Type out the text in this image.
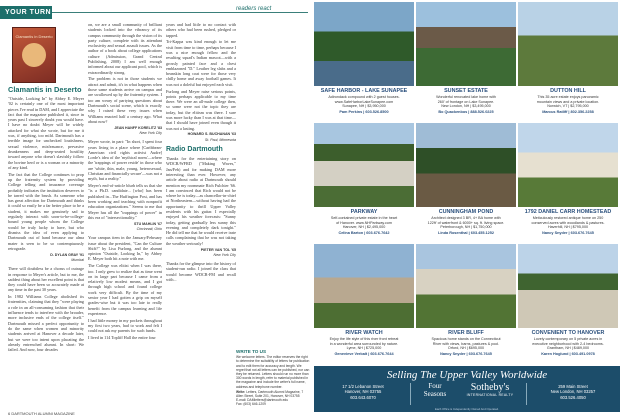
YOUR TURN	readers react
Clamantis in Deserto
Clamantis in Deserto

"Outside, Looking In" by Abbey E. Meyer '02 is certainly one of the most important pieces I've read in DAM, and I appreciate the fact that the magazine published it, since in years past I sincerely doubt you would have. I have no doubt Meyer will be widely attacked for what she wrote, but for me it was, if anything, too mild. Dartmouth has a terrible image for unchecked loutishness, sexual violence, misfeasance, pervasive drunkenness and deep-seated hostility toward anyone who doesn't slavishly follow the bovine herd or is a woman or a minority of any kind.

The fact that the College continues to prop up the fraternity system by providing College telling and insurance coverage probably indicates the institution deserves to be tarred with the brush. As someone who has great affection for Dartmouth and thinks it could so easily be a far better place to be a student, it makes me genuinely sad to regularly interact with soon-to-be-college-bound young people whom the College would be truly lucky to have, but who dismiss the idea of even applying to Dartmouth out of hand because our alma mater is seen to be so contemptuously retrograde.

D. DYLAN GRAY '91
Mumbai

There will doubtless be a chorus of outrage in response to Meyer's article, but to me, the saddest thing about her excellent point is that they could have been so accurately made at any time in the past 30 years.

In 1982 Williams College abolished its fraternities, claiming that they "were playing a role in an all-consuming fashion that their influence tends to interfere with the broader, more inclusive ends of the college itself." Dartmouth missed a perfect opportunity to do the same when women and minority students arrived at Hanover a decade later, but we were too intent upon placating the already entrenched alumni. In short: We failed. And now, four decades

on, we are a small community of brilliant students locked into the vibrancy of its campus community through the vision of its party culture, complete with its attendant exclusivity and sexual assault issues. As the author of a book about college applications culture (Admission, Grand Central Publishing, 2008) I am well enough informed about our applicant pool, which is extraordinarily strong.

The problem is not in those students we attract and admit, it's in what happens when those same students arrive on campus and are swallowed up by the fraternity system. I too am weary of partying questions about Dartmouth's social scene, which is exactly why I raised these very issues when Williams enacted half a century ago. What about now?

JEAN HANFF KORELITZ '83
New York City

Meyer wrote, in part: "In short, I spent four years living in a place where [Caribbean-American civil rights activist Audre] Lorde's idea of the 'mythical norm'—where the 'trappings of power reside' in those who are 'white, thin, male, young, heterosexual, Christian and financially secure'—was not a myth, but a reality."

Meyer's end-of-article blurb tells us that she "is a Ph.D. candidate... [who] has been published in...The Huffington Post, and has been working and teaching with nonprofit education organizations." Seems to me that Meyer has all the "trappings of power" in this era of "intersectionality."

STU MAHLIN '67
Cincinnati, Ohio

Your campus item in the January/February issue about the president, "Can the Culture Shift?" by Lisa Furlong, and the alumni opinion "Outside, Looking In," by Abbey E. Meyer both hit a note with me.

The College was elitist when I was there, too. I only grew to realize that as time went on in large part because I came from a relatively low modest means, and I got through high school and found college work very difficult. By the time of my senior year I had gotten a grip on myself grades-wise but it was too late to really benefit from the campus learning and life experience.

I had little money in my pockets throughout my first two years, had to work and felt I could not ask my parents for such funds.

I lived in 114 Topliff Hall the entire four

years and had little to no contact with others who had been rushed, pledged or tapped.

Tri-Kappa was kind enough to let me visit from time to time, perhaps because I was a nice enough fellow and the resulting squad's Indian mascot—with a grossly painted face and a chest emblazoned "D." Leather leg slabs and a beanskin long coat were for those very chilly home and away football games. It was not a doleful but enjoyed each visit.

Furlong and Meyer raise serious points, points perhaps applicable to my time there. We were an all-male college then, so some were not the topic they are today, but the elitism was there. I sure was more lucky than I was at that time—that I should have joined even though it was not a lasting.

HOWARD S. BUCHANAN '63
St. Paul, Minnesota
Radio Dartmouth

Thanks for the entertaining story on WDCR/WFRD ("Making Waves," Jan/Feb) and for making DAM more interesting than ever. However, any article about radio at Dartmouth should mention my roommate Rich Fulchier '66. I am convinced that Rich would not be where he is today—as chancellor-in-chief at Northeastern—without having had the opportunity to thrill Upper Valley residents with his guitar. I especially enjoyed his weather forecasts: "Sunny today, getting gradually less sunny this evening and completely dark tonight." He did tell me that he would receive irate calls complaining that he was not taking the weather seriously!

PIETER VAN TOL '65
New York City

Thanks for the glimpse into the history of student-run radio. I joined the class that would become WDCR-FM and recall with...

WRITE TO US
We welcome letters. The editor reserves the right to determine the suitability of letters for publication and to edit them for accuracy and length. We regret that not all letters can be published, nor can they be returned. Letters should run no more than 300 words in length, refer to material published in the magazine and include the writer's full name, address and telephone number.
Write: Letters, Dartmouth Alumni Magazine, 7 Allen Street, Suite 201, Hanover, NH 03755
E-mail: DAMletters@dartmouth.edu
Fax: (603) 646-1209
SAFE HARBOR - LAKE SUNAPEE
Adirondack compound with 2 guest houses.
www.SafeHarborLakeSunapee.com
Sunapee, NH | $3,950,000
Pam Perkins | 603.526.8500
SUNSET ESTATE
Wonderful renovated lake home with
260' of frontage on Lake Sunapee.
New London, NH | $3,495,000
Bo Quackenbos | 888.526.0225
DUTTON HILL
This 35 acre estate enjoys panoramic
mountain views and a private location.
Norwich, VT | $2,795,000
Marcus Ratliff | 802.356.2258
PARKWAY
Self-contained private estate in the heart
of Hanover. www.NHParkway.com
Hanover, NH | $2,495,000
Celina Barton | 603.676.7642
CUNNINGHAM POND
Architect designed 3 BR, 4+ BA home with
122ft' of waterfront & 6000+ sq. ft. living space.
Peterborough, NH | $1,750,000
Linda Rosenthal | 603.455.1252
1792 DANIEL CARR HOMESTEAD
Meticulously restored antique home on 250
conserved acres with woodlands & pastures.
Haverhill, NH | $795,000
Nancy Snyder | 603.676.7645
RIVER WATCH
Enjoy the life style of this river front retreat
in a wonderful area surrounded by nature.
Lyme, NH | $725,000
Genevieve Verbalt | 603.676.7644
RIVER BLUFF
Spacious home stands on the Connecticut
River with views, barns, pastures & pool.
Orford, NH | $695,000
Nancy Snyder | 603.676.7645
CONVENIENT TO HANOVER
Lovely contemporary on 5 private acres in
executive neighborhood with 2-4 bedrooms.
Grantham, NH | $489,000
Karen Hoglund | 603.491.0978
Selling The Upper Valley Worldwide
17 1/2 Lebanon Street
Hanover, NH 03755
603.643.6070
Four
Seasons
Sotheby's
INTERNATIONAL REALTY
259 Main Street
New London, NH 03257
603.526.4050
Each Office is Independently Owned And Operated.
6 DARTMOUTH ALUMNI MAGAZINE
